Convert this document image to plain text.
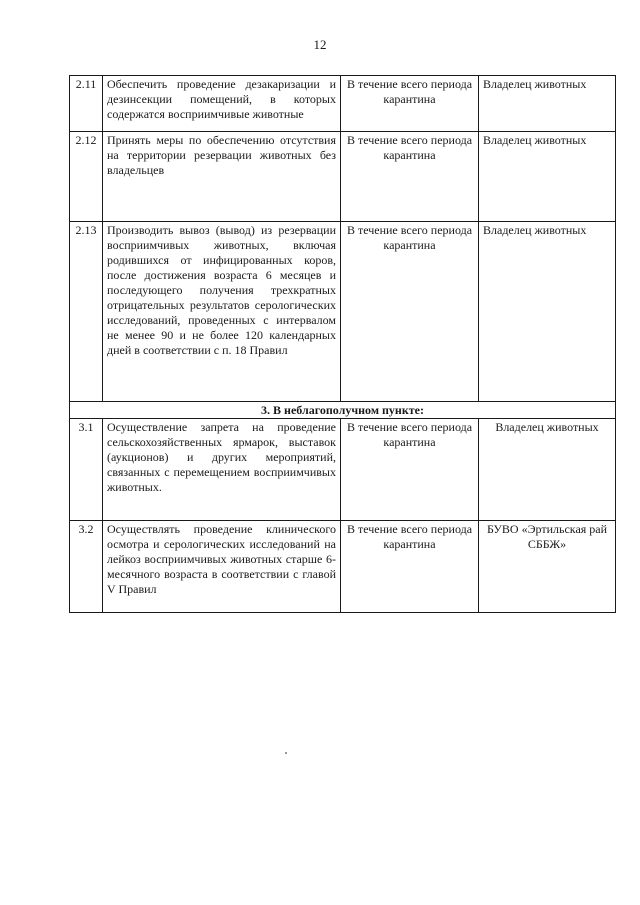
12
2.11	Обеспечить проведение дезакаризации и дезинсекции помещений, в которых содержатся восприимчивые животные	В течение всего периода карантина	Владелец животных
2.12	Принять меры по обеспечению отсутствия на территории резервации животных без владельцев	В течение всего периода карантина	Владелец животных
2.13	Производить вывоз (вывод) из резервации восприимчивых животных, включая родившихся от инфицированных коров, после достижения возраста 6 месяцев и последующего получения трехкратных отрицательных результатов серологических исследований, проведенных с интервалом не менее 90 и не более 120 календарных дней в соответствии с п. 18 Правил	В течение всего периода карантина	Владелец животных
3. В неблагополучном пункте:			
3.1	Осуществление запрета на проведение сельскохозяйственных ярмарок, выставок (аукционов) и других мероприятий, связанных с перемещением восприимчивых животных.	В течение всего периода карантина	Владелец животных
3.2	Осуществлять проведение клинического осмотра и серологических исследований на лейкоз восприимчивых животных старше 6-месячного возраста в соответствии с главой V Правил	В течение всего периода карантина	БУВО «Эртильская рай СББЖ»
